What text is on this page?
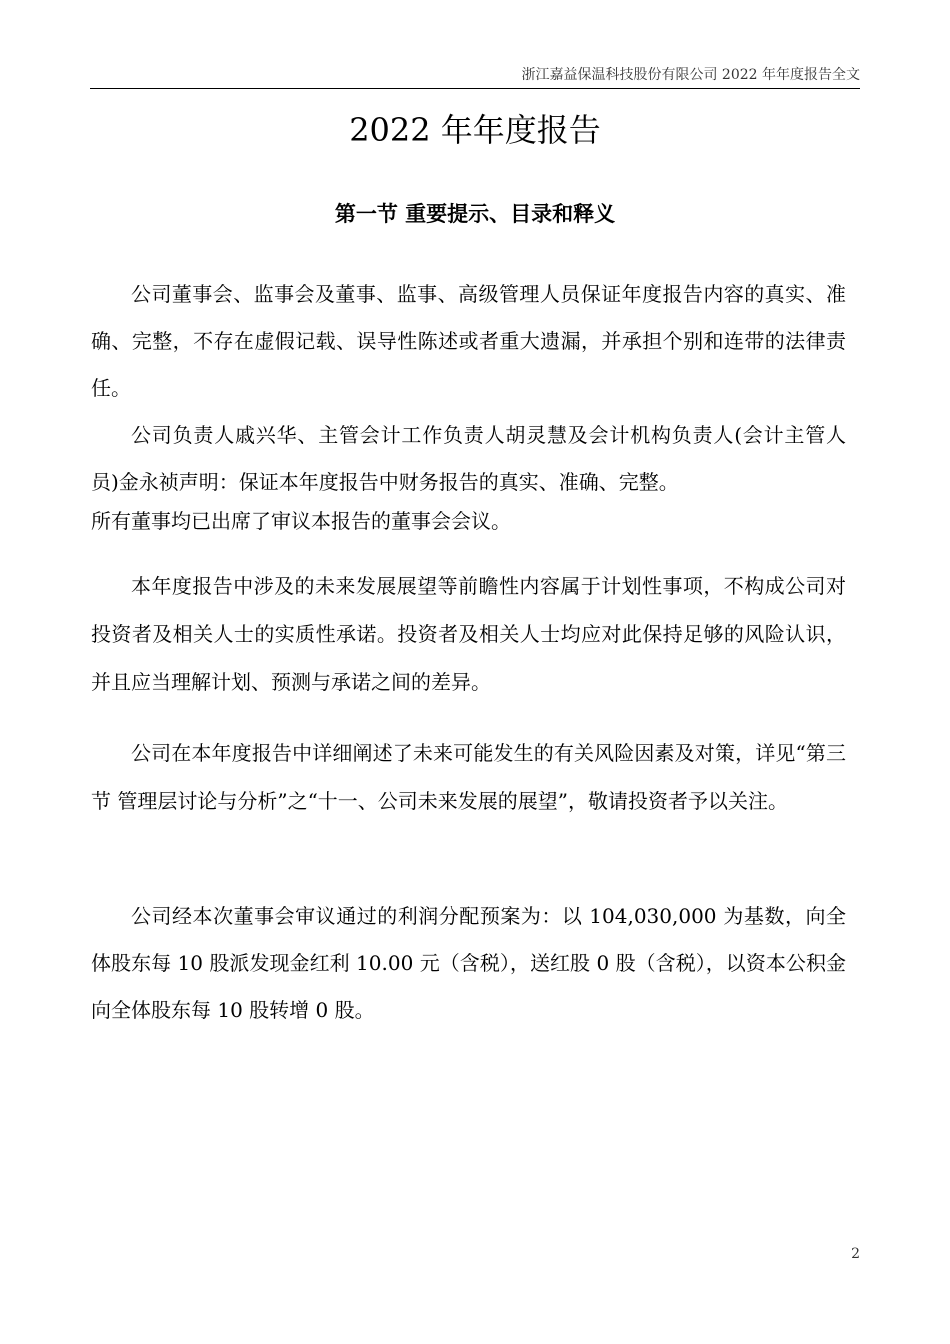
浙江嘉益保温科技股份有限公司 2022 年年度报告全文
2022 年年度报告
第一节 重要提示、目录和释义

公司董事会、监事会及董事、监事、高级管理人员保证年度报告内容的真实、准确、完整，不存在虚假记载、误导性陈述或者重大遗漏，并承担个别和连带的法律责任。

公司负责人戚兴华、主管会计工作负责人胡灵慧及会计机构负责人(会计主管人员)金永祯声明：保证本年度报告中财务报告的真实、准确、完整。

所有董事均已出席了审议本报告的董事会会议。

本年度报告中涉及的未来发展展望等前瞻性内容属于计划性事项，不构成公司对投资者及相关人士的实质性承诺。投资者及相关人士均应对此保持足够的风险认识，并且应当理解计划、预测与承诺之间的差异。

公司在本年度报告中详细阐述了未来可能发生的有关风险因素及对策，详见“第三节 管理层讨论与分析”之“十一、公司未来发展的展望”，敬请投资者予以关注。

公司经本次董事会审议通过的利润分配预案为：以 104,030,000 为基数，向全体股东每 10 股派发现金红利 10.00 元（含税），送红股 0 股（含税），以资本公积金向全体股东每 10 股转增 0 股。

2
